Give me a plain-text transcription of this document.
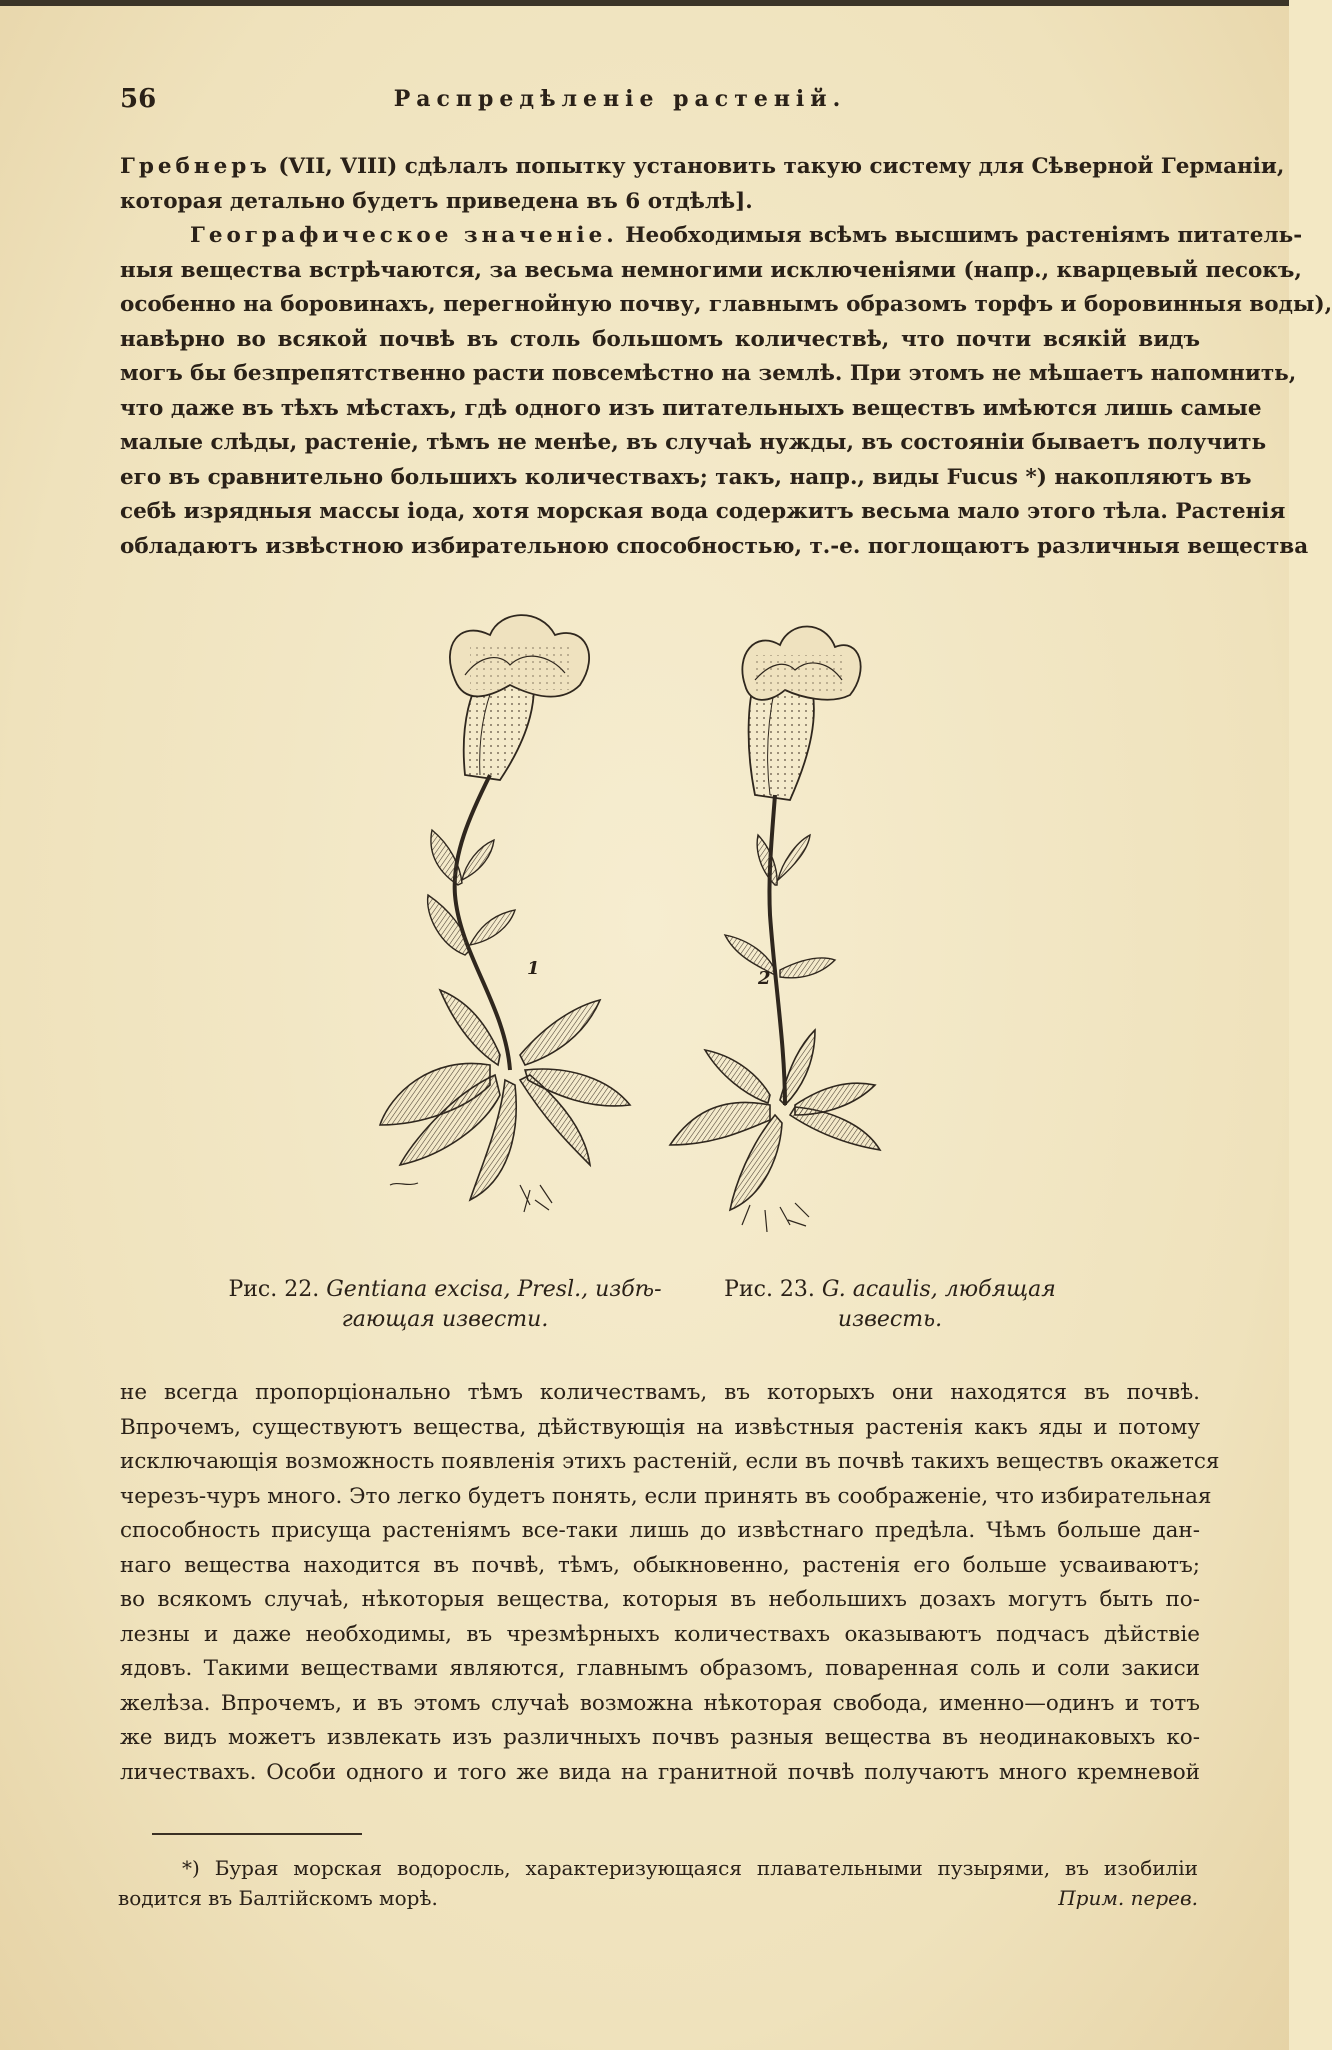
56	Распредѣленіе растеній.
Гребнеръ (VII, VIII) сдѣлалъ попытку установить такую систему для Сѣверной Германіи,
которая детально будетъ приведена въ 6 отдѣлѣ].
Географическое значеніе. Необходимыя всѣмъ высшимъ растеніямъ питатель-
ныя вещества встрѣчаются, за весьма немногими исключеніями (напр., кварцевый песокъ,
особенно на боровинахъ, перегнойную почву, главнымъ образомъ торфъ и боровинныя воды),
навѣрно во всякой почвѣ въ столь большомъ количествѣ, что почти всякій видъ
могъ бы безпрепятственно расти повсемѣстно на землѣ. При этомъ не мѣшаетъ напомнить,
что даже въ тѣхъ мѣстахъ, гдѣ одного изъ питательныхъ веществъ имѣются лишь самые
малые слѣды, растеніе, тѣмъ не менѣе, въ случаѣ нужды, въ состояніи бываетъ получить
его въ сравнительно большихъ количествахъ; такъ, напр., виды Fucus *) накопляютъ въ
себѣ изрядныя массы іода, хотя морская вода содержитъ весьма мало этого тѣла. Растенія
обладаютъ извѣстною избирательною способностью, т.-е. поглощаютъ различныя вещества
1	2
Рис. 22. Gentiana excisa, Presl., избѣ-
гающая извести.
Рис. 23. G. acaulis, любящая
известь.
не всегда пропорціонально тѣмъ количествамъ, въ которыхъ они находятся въ почвѣ.
Впрочемъ, существуютъ вещества, дѣйствующія на извѣстныя растенія какъ яды и потому
исключающія возможность появленія этихъ растеній, если въ почвѣ такихъ веществъ окажется
черезъ-чуръ много. Это легко будетъ понять, если принять въ соображеніе, что избирательная
способность присуща растеніямъ все-таки лишь до извѣстнаго предѣла. Чѣмъ больше дан-
наго вещества находится въ почвѣ, тѣмъ, обыкновенно, растенія его больше усваиваютъ;
во всякомъ случаѣ, нѣкоторыя вещества, которыя въ небольшихъ дозахъ могутъ быть по-
лезны и даже необходимы, въ чрезмѣрныхъ количествахъ оказываютъ подчасъ дѣйствіе
ядовъ. Такими веществами являются, главнымъ образомъ, поваренная соль и соли закиси
желѣза. Впрочемъ, и въ этомъ случаѣ возможна нѣкоторая свобода, именно—одинъ и тотъ
же видъ можетъ извлекать изъ различныхъ почвъ разныя вещества въ неодинаковыхъ ко-
личествахъ. Особи одного и того же вида на гранитной почвѣ получаютъ много кремневой
*) Бурая морская водоросль, характеризующаяся плавательными пузырями, въ изобиліи
водится въ Балтійскомъ морѣ.	Прим. перев.
